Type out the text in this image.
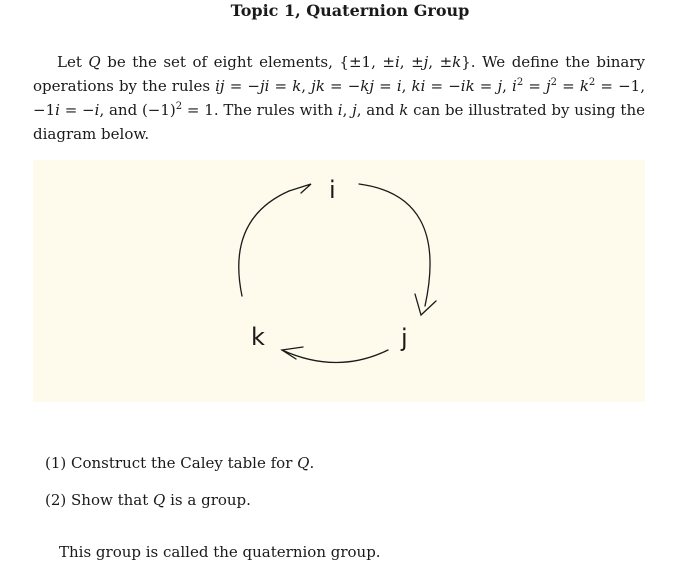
Topic 1, Quaternion Group
Let Q be the set of eight elements, {±1, ±i, ±j, ±k}. We define the binary operations by the rules ij = −ji = k, jk = −kj = i, ki = −ik = j, $i^2 = j^2 = k^2 = -1$, −1i = −i, and $(-1)^2 = 1$. The rules with i, j, and k can be illustrated by using the diagram below.
i
j
k
(1) Construct the Caley table for Q.
(2) Show that Q is a group.
This group is called the quaternion group.
